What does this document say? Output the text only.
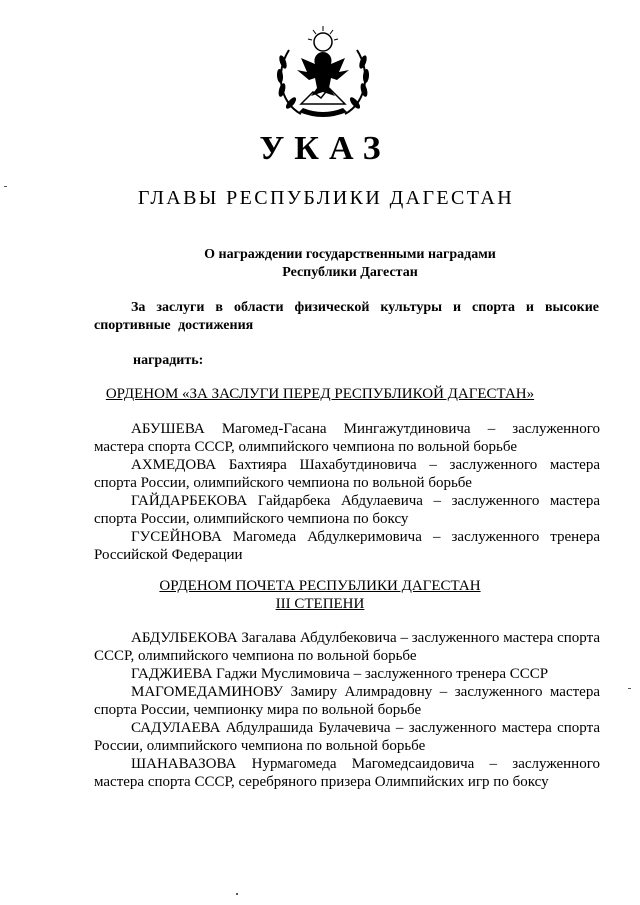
УКАЗ
ГЛАВЫ РЕСПУБЛИКИ ДАГЕСТАН
О награждении государственными наградами
Республики Дагестан
За заслуги в области физической культуры и спорта и высокие спортивные достижения
наградить:
ОРДЕНОМ «ЗА ЗАСЛУГИ ПЕРЕД РЕСПУБЛИКОЙ ДАГЕСТАН»

АБУШЕВА Магомед-Гасана Мингажутдиновича – заслуженного мастера спорта СССР, олимпийского чемпиона по вольной борьбе

АХМЕДОВА Бахтияра Шахабутдиновича – заслуженного мастера спорта России, олимпийского чемпиона по вольной борьбе

ГАЙДАРБЕКОВА Гайдарбека Абдулаевича – заслуженного мастера спорта России, олимпийского чемпиона по боксу

ГУСЕЙНОВА Магомеда Абдулкеримовича – заслуженного тренера Российской Федерации

ОРДЕНОМ ПОЧЕТА РЕСПУБЛИКИ ДАГЕСТАН
III СТЕПЕНИ

АБДУЛБЕКОВА Загалава Абдулбековича – заслуженного мастера спорта СССР, олимпийского чемпиона по вольной борьбе

ГАДЖИЕВА Гаджи Муслимовича – заслуженного тренера СССР

МАГОМЕДАМИНОВУ Замиру Алимрадовну – заслуженного мастера спорта России, чемпионку мира по вольной борьбе

САДУЛАЕВА Абдулрашида Булачевича – заслуженного мастера спорта России, олимпийского чемпиона по вольной борьбе

ШАНАВАЗОВА Нурмагомеда Магомедсаидовича – заслуженного мастера спорта СССР, серебряного призера Олимпийских игр по боксу
